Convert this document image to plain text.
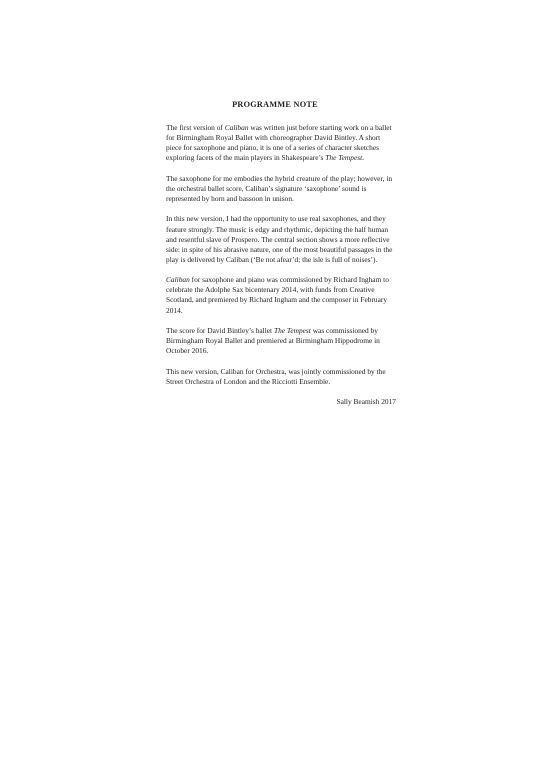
PROGRAMME NOTE

The first version of Caliban was written just before starting work on a ballet for Birmingham Royal Ballet with choreographer David Bintley. A short piece for saxophone and piano, it is one of a series of character sketches exploring facets of the main players in Shakespeare’s The Tempest.

The saxophone for me embodies the hybrid creature of the play; however, in the orchestral ballet score, Caliban’s signature ‘saxophone’ sound is represented by horn and bassoon in unison.

In this new version, I had the opportunity to use real saxophones, and they feature strongly. The music is edgy and rhythmic, depicting the half human and resentful slave of Prospero. The central section shows a more reflective side: in spite of his abrasive nature, one of the most beautiful passages in the play is delivered by Caliban (‘Be not afear’d; the isle is full of noises’).

Caliban for saxophone and piano was commissioned by Richard Ingham to celebrate the Adolphe Sax bicentenary 2014, with funds from Creative Scotland, and premiered by Richard Ingham and the composer in February 2014.

The score for David Bintley’s ballet The Tempest was commissioned by Birmingham Royal Ballet and premiered at Birmingham Hippodrome in October 2016.

This new version, Caliban for Orchestra, was jointly commissioned by the Street Orchestra of London and the Ricciotti Ensemble.

Sally Beamish 2017
